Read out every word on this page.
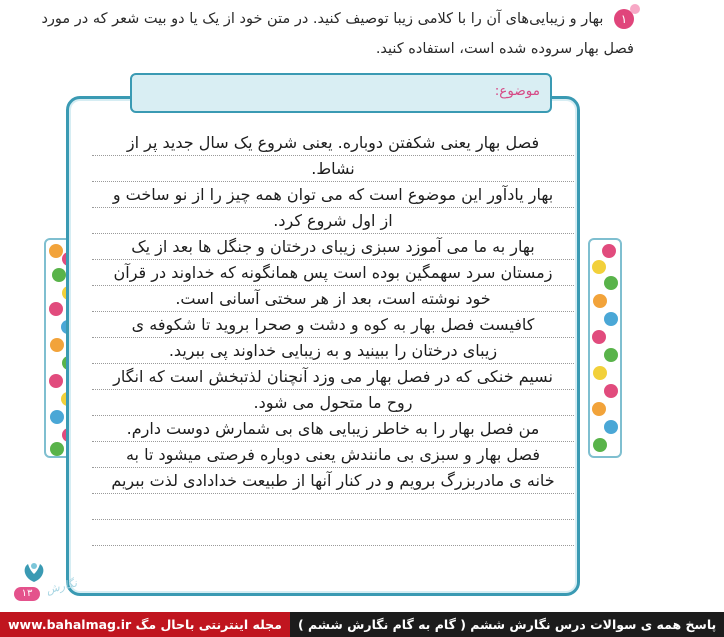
۱ بهار و زیبایی‌های آن را با کلامی زیبا توصیف کنید. در متن خود از یک یا دو بیت شعر که در مورد فصل بهار سروده شده است، استفاده کنید.
موضوع:
فصل بهار یعنی شکفتن دوباره. یعنی شروع یک سال جدید پر از
نشاط.
بهار یادآور این موضوع است که می توان همه چیز را از نو ساخت و
از اول شروع کرد.
بهار به ما می آموزد سبزی زیبای درختان و جنگل ها بعد از یک
زمستان سرد سهمگین بوده است پس همانگونه که خداوند در قرآن
خود نوشته است، بعد از هر سختی آسانی است.
کافیست فصل بهار به کوه و دشت و صحرا بروید تا شکوفه ی
زیبای درختان را ببینید و به زیبایی خداوند پی ببرید.
نسیم خنکی که در فصل بهار می وزد آنچنان لذتبخش است که انگار
روح ما متحول می شود.
من فصل بهار را به خاطر زیبایی های بی شمارش دوست دارم.
فصل بهار و سبزی بی مانندش یعنی دوباره فرصتی میشود تا به
خانه ی مادربزرگ برویم و در کنار آنها از طبیعت خدادادی لذت ببریم
۱۳	نگارش
www.bahalmag.ir مجله اینترنتی باحال مگ	پاسخ همه ی سوالات درس نگارش ششم ( گام به گام نگارش ششم )
